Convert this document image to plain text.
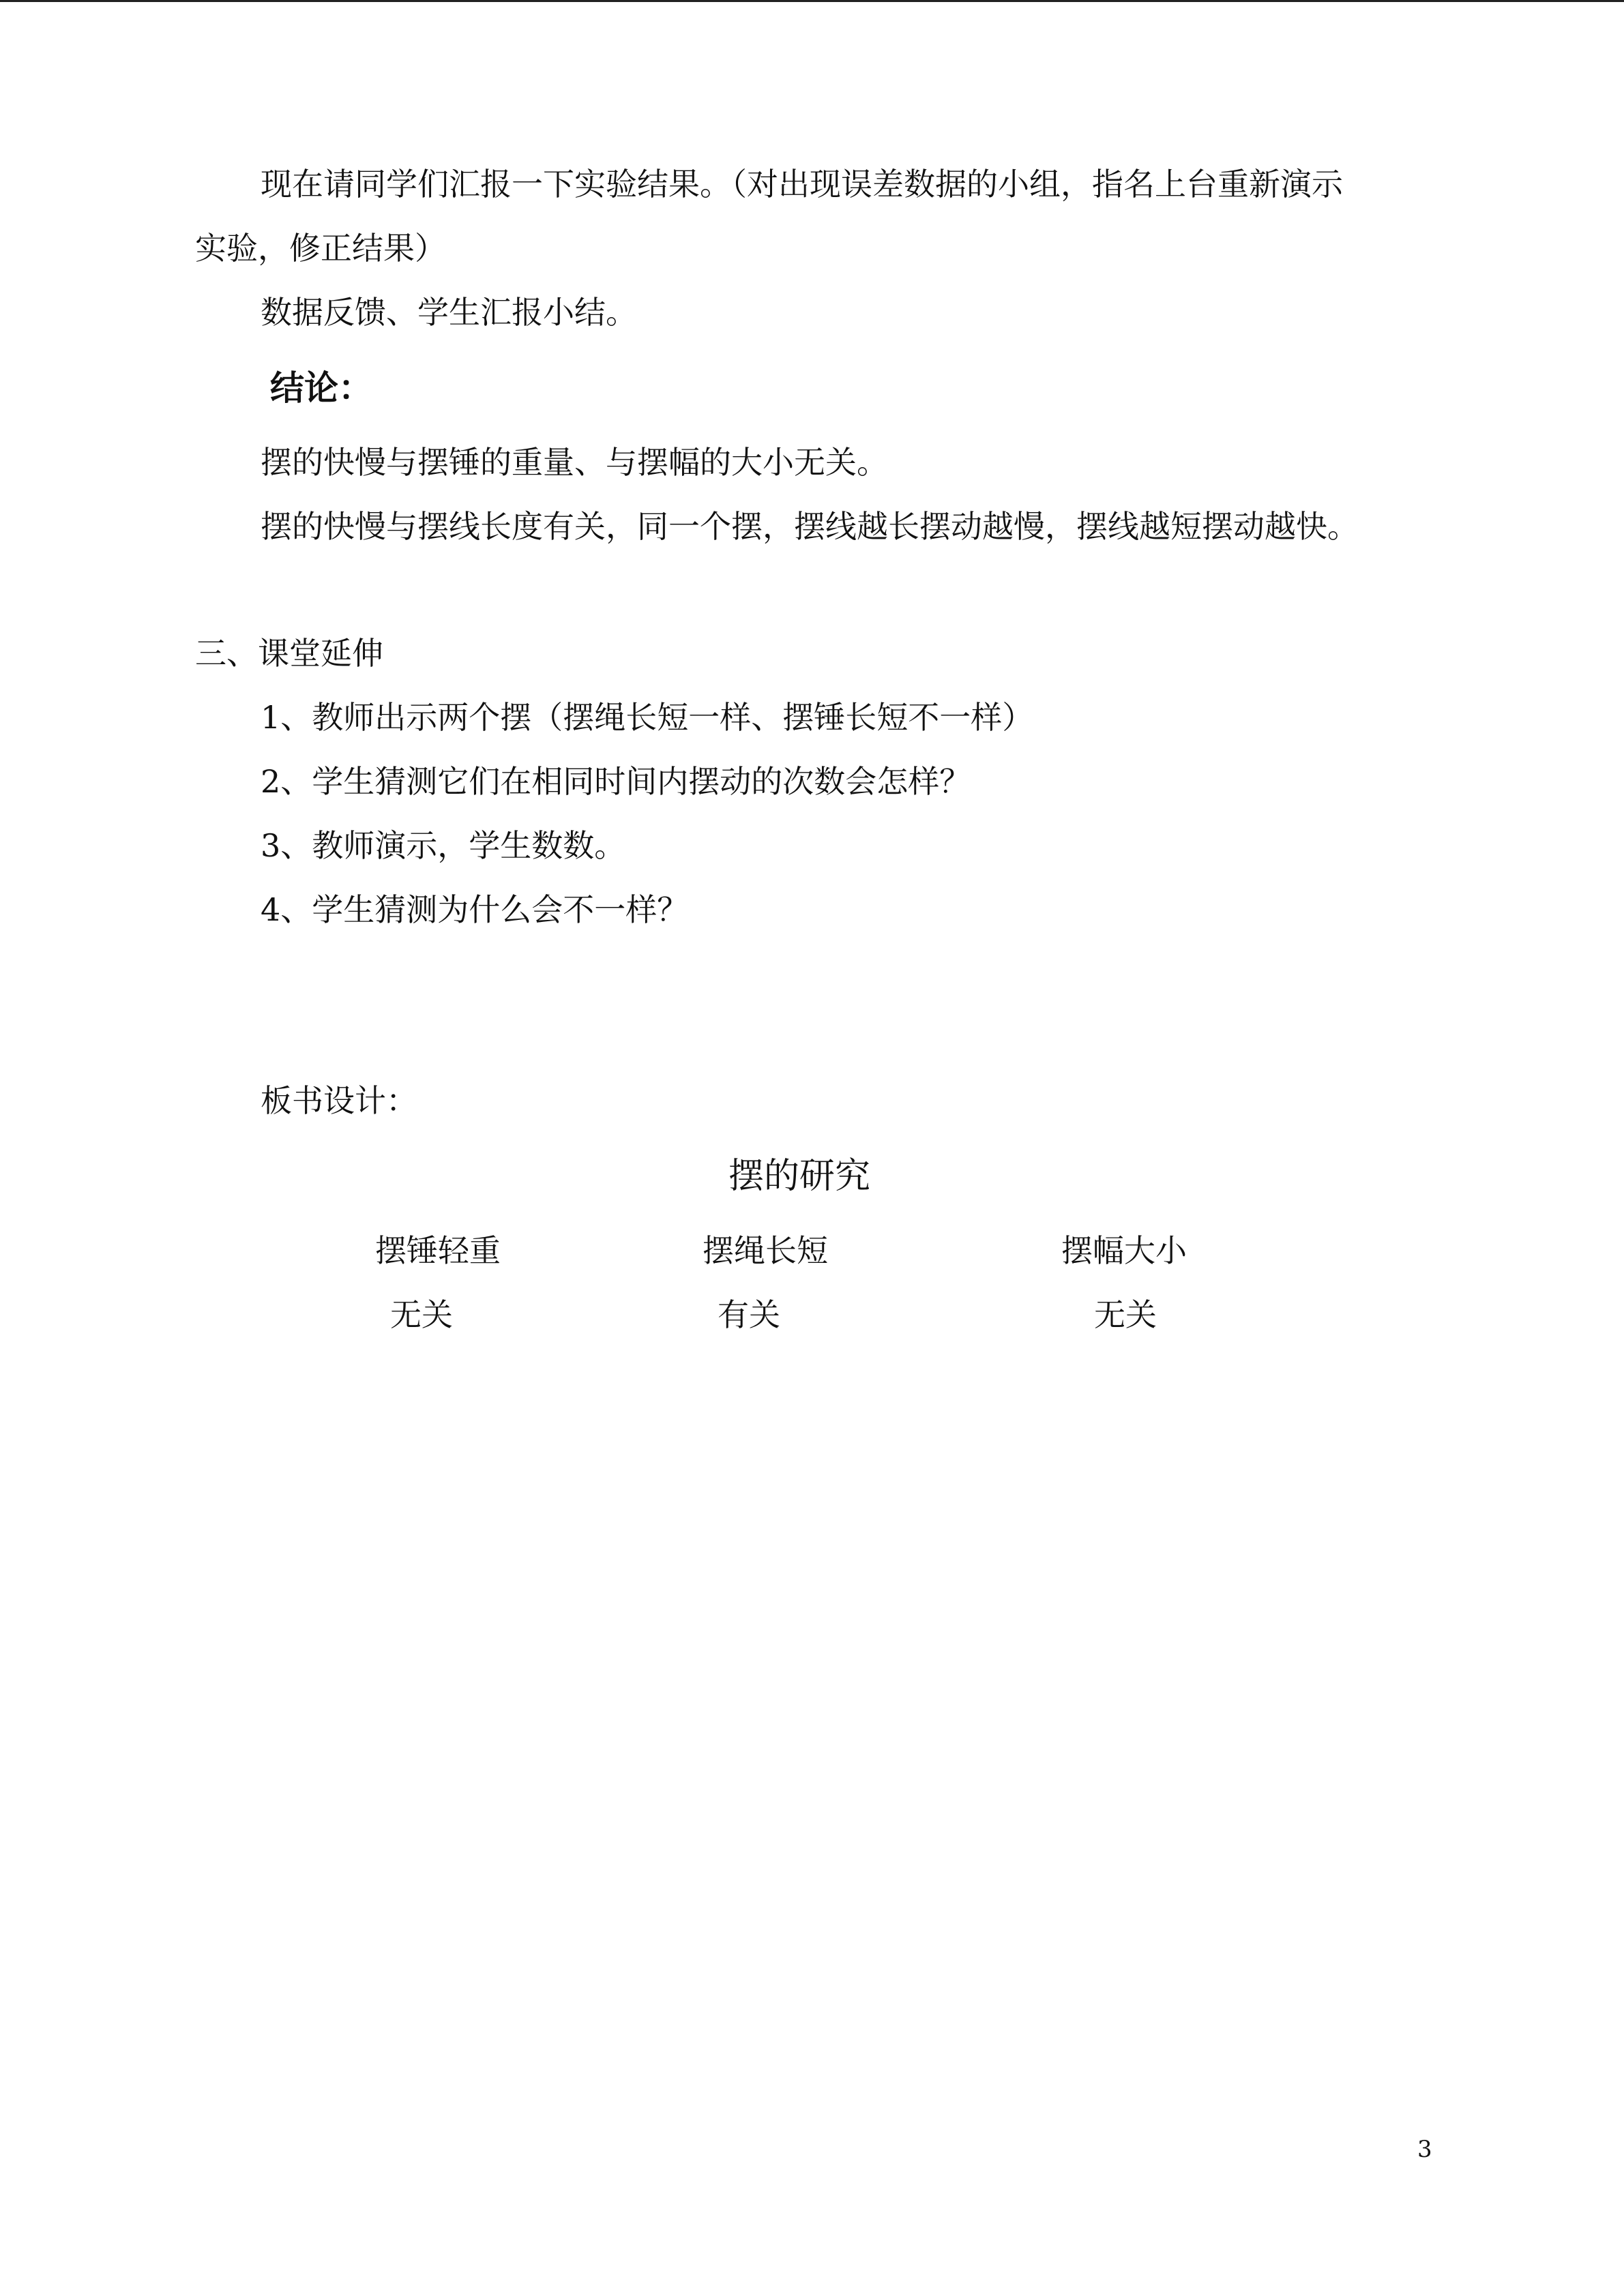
现在请同学们汇报一下实验结果。（对出现误差数据的小组，指名上台重新演示
实验，修正结果）
数据反馈、学生汇报小结。
结论：
摆的快慢与摆锤的重量、与摆幅的大小无关。
摆的快慢与摆线长度有关，同一个摆，摆线越长摆动越慢，摆线越短摆动越快。
三、课堂延伸
1、教师出示两个摆（摆绳长短一样、摆锤长短不一样）
2、学生猜测它们在相同时间内摆动的次数会怎样？
3、教师演示，学生数数。
4、学生猜测为什么会不一样？
板书设计：
摆的研究
摆锤轻重	摆绳长短	摆幅大小
无关	有关	无关
3
